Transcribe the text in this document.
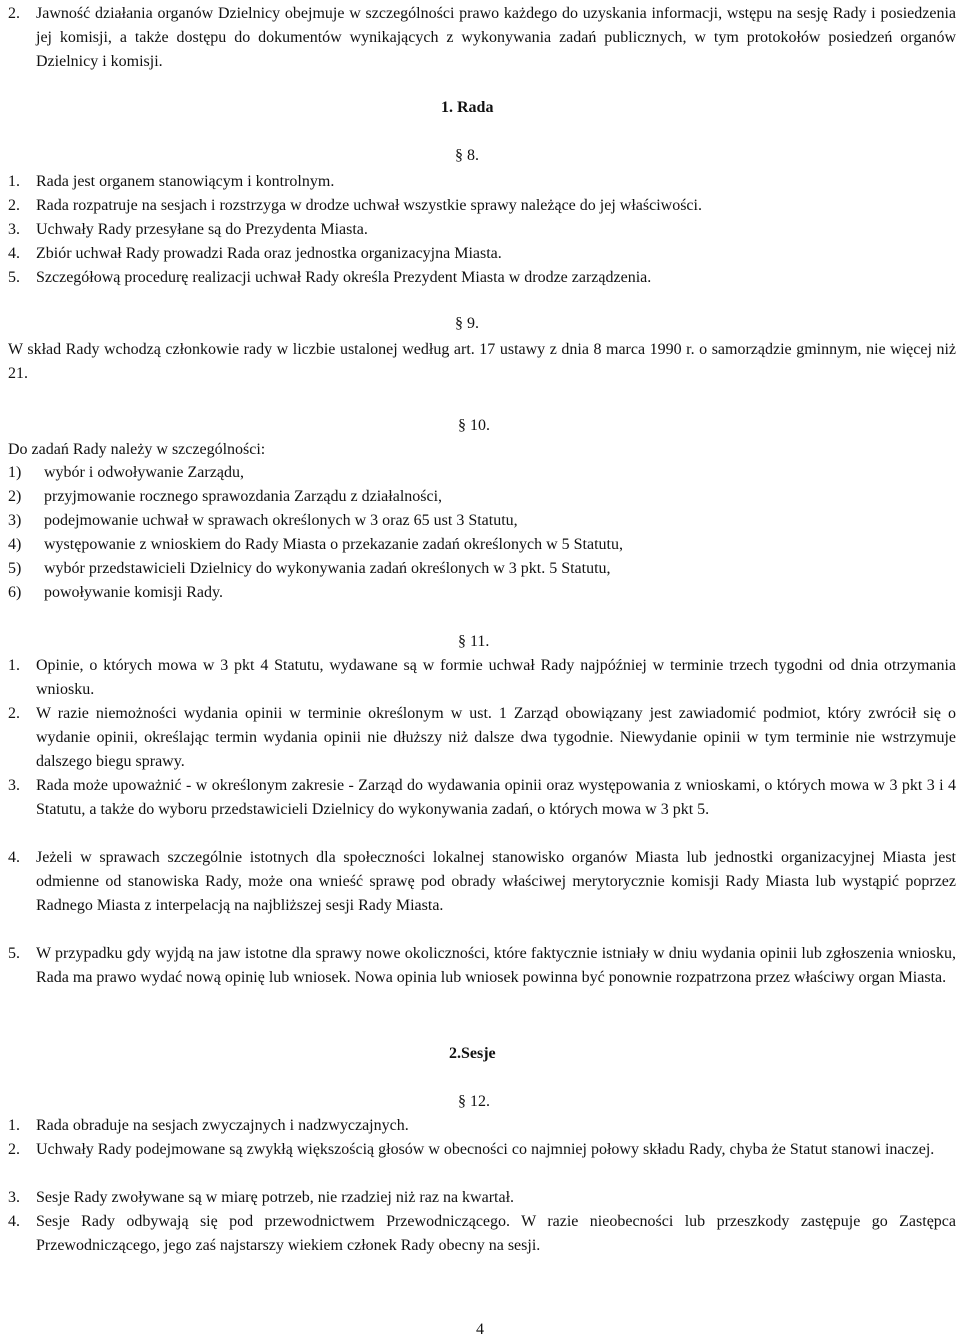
2. Jawność działania organów Dzielnicy obejmuje w szczególności prawo każdego do uzyskania informacji, wstępu na sesję Rady i posiedzenia jej komisji, a także dostępu do dokumentów wynikających z wykonywania zadań publicznych, w tym protokołów posiedzeń organów Dzielnicy i komisji.
1. Rada
§ 8.
1. Rada jest organem stanowiącym i kontrolnym.
2. Rada rozpatruje na sesjach i rozstrzyga w drodze uchwał wszystkie sprawy należące do jej właściwości.
3. Uchwały Rady przesyłane są do Prezydenta Miasta.
4. Zbiór uchwał Rady prowadzi Rada oraz jednostka organizacyjna Miasta.
5. Szczegółową procedurę realizacji uchwał Rady określa Prezydent Miasta w drodze zarządzenia.
§ 9.
W skład Rady wchodzą członkowie rady w liczbie ustalonej według art. 17 ustawy z dnia 8 marca 1990 r. o samorządzie gminnym, nie więcej niż 21.
§ 10.
Do zadań Rady należy w szczególności:
1) wybór i odwoływanie Zarządu,
2) przyjmowanie rocznego sprawozdania Zarządu z działalności,
3) podejmowanie uchwał w sprawach określonych w 3 oraz 65 ust 3 Statutu,
4) występowanie z wnioskiem do Rady Miasta o przekazanie zadań określonych w 5 Statutu,
5) wybór przedstawicieli Dzielnicy do wykonywania zadań określonych w 3 pkt. 5 Statutu,
6) powoływanie komisji Rady.
§ 11.
1. Opinie, o których mowa w 3 pkt 4 Statutu, wydawane są w formie uchwał Rady najpóźniej w terminie trzech tygodni od dnia otrzymania wniosku.
2. W razie niemożności wydania opinii w terminie określonym w ust. 1 Zarząd obowiązany jest zawiadomić podmiot, który zwrócił się o wydanie opinii, określając termin wydania opinii nie dłuższy niż dalsze dwa tygodnie. Niewydanie opinii w tym terminie nie wstrzymuje dalszego biegu sprawy.
3. Rada może upoważnić - w określonym zakresie - Zarząd do wydawania opinii oraz występowania z wnioskami, o których mowa w 3 pkt 3 i 4 Statutu, a także do wyboru przedstawicieli Dzielnicy do wykonywania zadań, o których mowa w 3 pkt 5.
4. Jeżeli w sprawach szczególnie istotnych dla społeczności lokalnej stanowisko organów Miasta lub jednostki organizacyjnej Miasta jest odmienne od stanowiska Rady, może ona wnieść sprawę pod obrady właściwej merytorycznie komisji Rady Miasta lub wystąpić poprzez Radnego Miasta z interpelacją na najbliższej sesji Rady Miasta.
5. W przypadku gdy wyjdą na jaw istotne dla sprawy nowe okoliczności, które faktycznie istniały w dniu wydania opinii lub zgłoszenia wniosku, Rada ma prawo wydać nową opinię lub wniosek. Nowa opinia lub wniosek powinna być ponownie rozpatrzona przez właściwy organ Miasta.
2.Sesje
§ 12.
1. Rada obraduje na sesjach zwyczajnych i nadzwyczajnych.
2. Uchwały Rady podejmowane są zwykłą większością głosów w obecności co najmniej połowy składu Rady, chyba że Statut stanowi inaczej.
3. Sesje Rady zwoływane są w miarę potrzeb, nie rzadziej niż raz na kwartał.
4. Sesje Rady odbywają się pod przewodnictwem Przewodniczącego. W razie nieobecności lub przeszkody zastępuje go Zastępca Przewodniczącego, jego zaś najstarszy wiekiem członek Rady obecny na sesji.
4
